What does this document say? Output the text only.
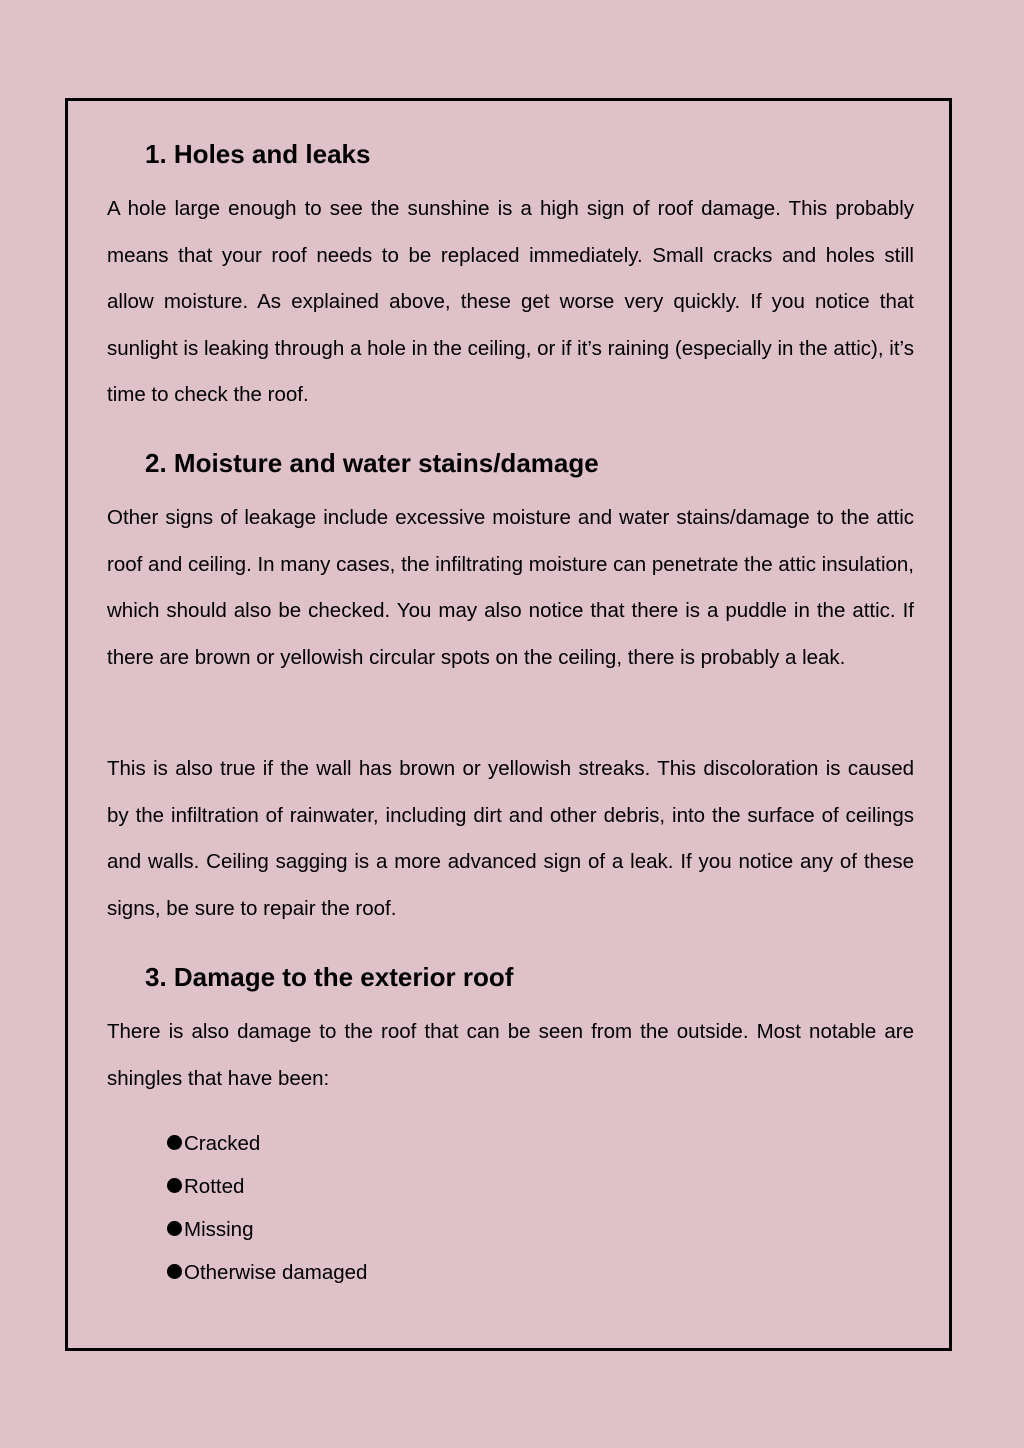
1. Holes and leaks

A hole large enough to see the sunshine is a high sign of roof damage. This probably means that your roof needs to be replaced immediately. Small cracks and holes still allow moisture. As explained above, these get worse very quickly. If you notice that sunlight is leaking through a hole in the ceiling, or if it’s raining (especially in the attic), it’s time to check the roof.

2. Moisture and water stains/damage

Other signs of leakage include excessive moisture and water stains/damage to the attic roof and ceiling. In many cases, the infiltrating moisture can penetrate the attic insulation, which should also be checked. You may also notice that there is a puddle in the attic. If there are brown or yellowish circular spots on the ceiling, there is probably a leak.

This is also true if the wall has brown or yellowish streaks. This discoloration is caused by the infiltration of rainwater, including dirt and other debris, into the surface of ceilings and walls. Ceiling sagging is a more advanced sign of a leak. If you notice any of these signs, be sure to repair the roof.

3. Damage to the exterior roof

There is also damage to the roof that can be seen from the outside. Most notable are shingles that have been:

Cracked
Rotted
Missing
Otherwise damaged
